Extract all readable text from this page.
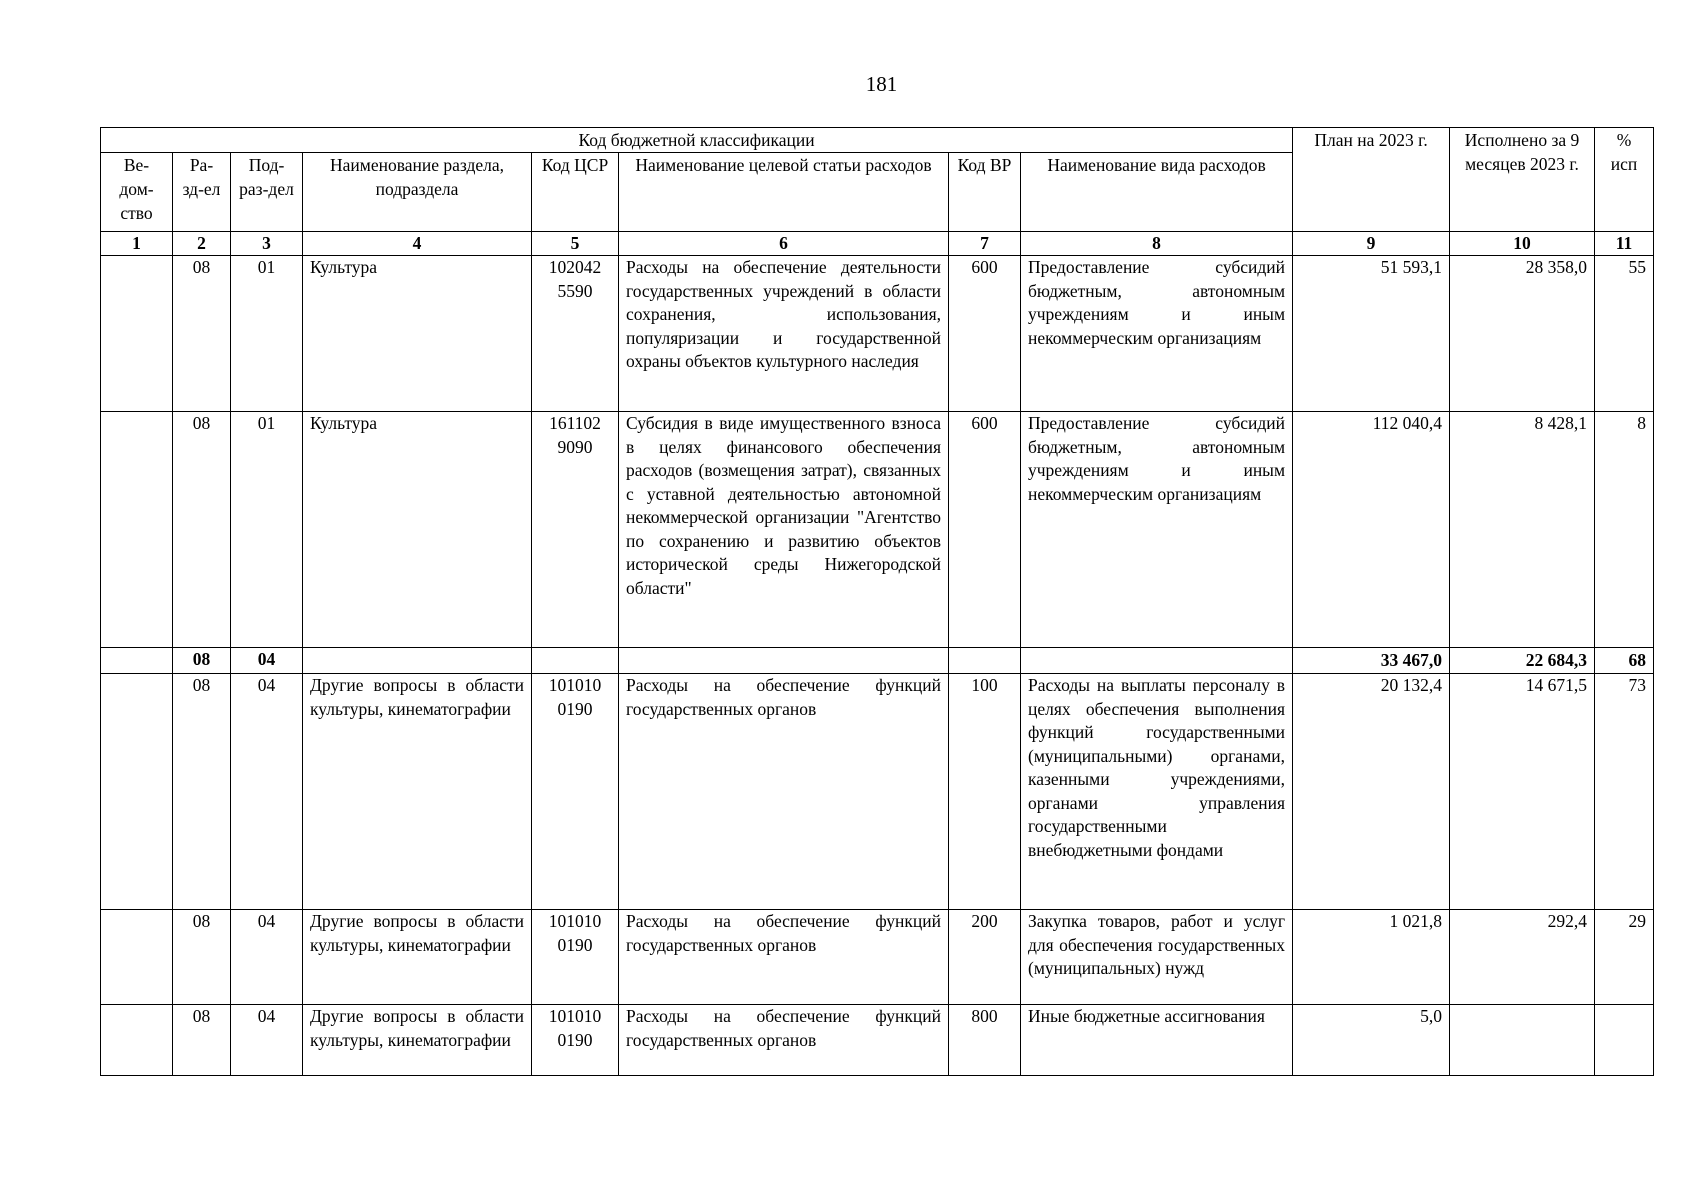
181
Код бюджетной классификации								План на 2023 г.	Исполнено за 9 месяцев 2023 г.	% исп
Ве-дом-ство	Ра-зд-ел	Под-раз-дел	Наименование раздела, подраздела	Код ЦСР	Наименование целевой статьи расходов	Код ВР	Наименование вида расходов			
1	2	3	4	5	6	7	8	9	10	11
	08	01	Культура	102042 5590	Расходы на обеспечение деятельности государственных учреждений в области сохранения, использования, популяризации и государственной охраны объектов культурного наследия	600	Предоставление субсидий бюджетным, автономным учреждениям и иным некоммерческим организациям	51 593,1	28 358,0	55
	08	01	Культура	161102 9090	Субсидия в виде имущественного взноса в целях финансового обеспечения расходов (возмещения затрат), связанных с уставной деятельностью автономной некоммерческой организации "Агентство по сохранению и развитию объектов исторической среды Нижегородской области"	600	Предоставление субсидий бюджетным, автономным учреждениям и иным некоммерческим организациям	112 040,4	8 428,1	8
	08	04						33 467,0	22 684,3	68
	08	04	Другие вопросы в области культуры, кинематографии	101010 0190	Расходы на обеспечение функций государственных органов	100	Расходы на выплаты персоналу в целях обеспечения выполнения функций государственными (муниципальными) органами, казенными учреждениями, органами управления государственными внебюджетными фондами	20 132,4	14 671,5	73
	08	04	Другие вопросы в области культуры, кинематографии	101010 0190	Расходы на обеспечение функций государственных органов	200	Закупка товаров, работ и услуг для обеспечения государственных (муниципальных) нужд	1 021,8	292,4	29
	08	04	Другие вопросы в области культуры, кинематографии	101010 0190	Расходы на обеспечение функций государственных органов	800	Иные бюджетные ассигнования	5,0		
